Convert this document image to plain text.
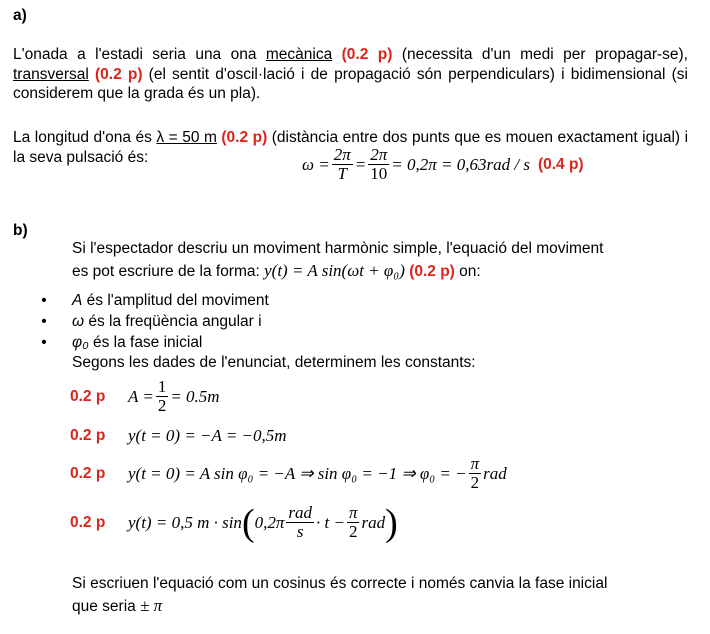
a)
L'onada a l'estadi seria una ona mecànica (0.2 p) (necessita d'un medi per propagar-se), transversal (0.2 p) (el sentit d'oscil·lació i de propagació són perpendiculars) i bidimensional (si considerem que la grada és un pla).
La longitud d'ona és λ = 50 m (0.2 p) (distància entre dos punts que es mouen exactament igual) i la seva pulsació és:	$\omega = \frac{2\pi}{T} = \frac{2\pi}{10} = 0,2\pi = 0,63rad / s$ (0.4 p)
b)
Si l'espectador descriu un moviment harmònic simple, l'equació del moviment
es pot escriure de la forma: y(t) = A sin(ωt + φ₀) (0.2 p) on:
• A és l'amplitud del moviment
• ω és la freqüència angular i
• φ₀ és la fase inicial
Segons les dades de l'enunciat, determinem les constants:
0.2 p	$A = \frac{1}{2} = 0.5m$
0.2 p	y(t = 0) = −A = −0,5m
0.2 p	y(t = 0) = A sin φ₀ = −A ⇒ sin φ₀ = −1 ⇒ φ₀ = − $\frac{\pi}{2}$ rad
0.2 p	y(t) = 0,5 m · sin ( $0,2\pi \frac{\text{rad}}{s} \cdot t - \frac{\pi}{2}$ rad )
Si escriuen l'equació com un cosinus és correcte i només canvia la fase inicial
que seria ± π
